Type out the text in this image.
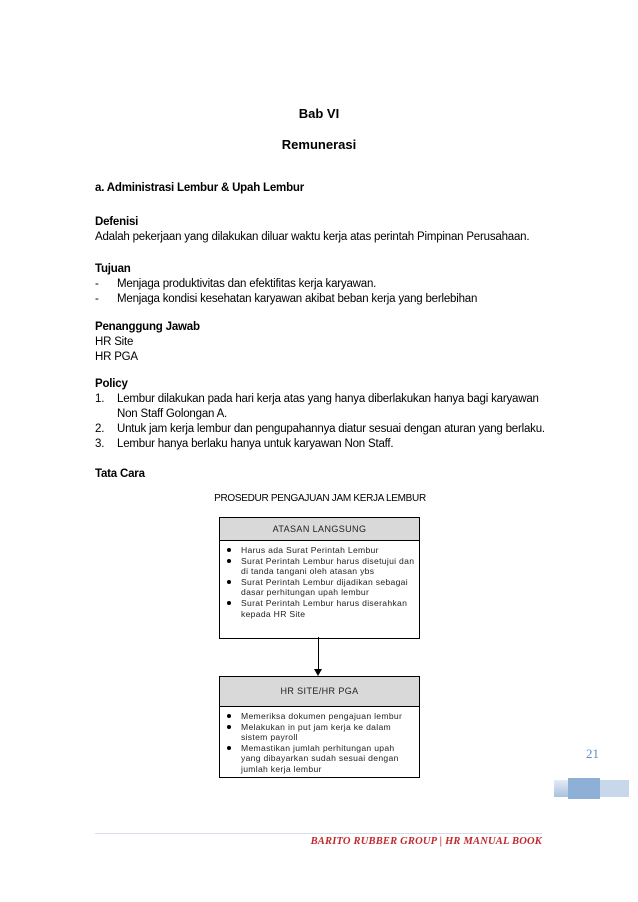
Bab VI
Remunerasi
a. Administrasi Lembur & Upah Lembur
Defenisi
Adalah pekerjaan yang dilakukan diluar waktu kerja atas perintah Pimpinan Perusahaan.
Tujuan
- Menjaga produktivitas dan efektifitas kerja karyawan.
- Menjaga kondisi kesehatan karyawan akibat beban kerja yang berlebihan
Penanggung Jawab
HR Site
HR PGA
Policy
1. Lembur dilakukan pada hari kerja atas yang hanya diberlakukan hanya bagi karyawan Non Staff Golongan A.
2. Untuk jam kerja lembur dan pengupahannya diatur sesuai dengan aturan yang berlaku.
3. Lembur hanya berlaku hanya untuk karyawan Non Staff.
Tata Cara
PROSEDUR PENGAJUAN JAM KERJA LEMBUR
ATASAN LANGSUNG
Harus ada Surat Perintah Lembur
Surat Perintah Lembur harus disetujui dan di tanda tangani oleh atasan ybs
Surat Perintah Lembur dijadikan sebagai dasar perhitungan upah lembur
Surat Perintah Lembur harus diserahkan kepada HR Site
HR SITE/HR PGA
Memeriksa dokumen pengajuan lembur
Melakukan in put jam kerja ke dalam sistem payroll
Memastikan jumlah perhitungan upah yang dibayarkan sudah sesuai dengan jumlah kerja lembur
21
BARITO RUBBER GROUP | HR MANUAL BOOK
